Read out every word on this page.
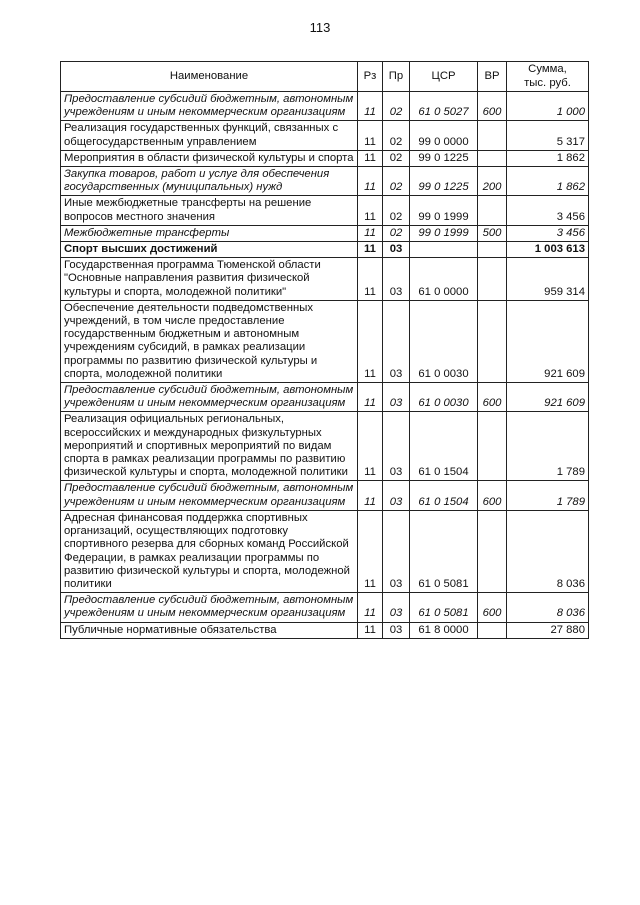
113
Наименование	Рз	Пр	ЦСР	ВР	Сумма,
тыс. руб.
Предоставление субсидий бюджетным, автономным учреждениям и иным некоммерческим организациям	11	02	61 0 5027	600	1 000
Реализация государственных функций, связанных с общегосударственным управлением	11	02	99 0 0000		5 317
Мероприятия в области физической культуры и спорта	11	02	99 0 1225		1 862
Закупка товаров, работ и услуг для обеспечения государственных (муниципальных) нужд	11	02	99 0 1225	200	1 862
Иные межбюджетные трансферты на решение вопросов местного значения	11	02	99 0 1999		3 456
Межбюджетные трансферты	11	02	99 0 1999	500	3 456
Спорт высших достижений	11	03			1 003 613
Государственная программа Тюменской области "Основные направления развития физической культуры и спорта, молодежной политики"	11	03	61 0 0000		959 314
Обеспечение деятельности подведомственных учреждений, в том числе предоставление государственным бюджетным и автономным учреждениям субсидий, в рамках реализации программы по развитию физической культуры и спорта, молодежной политики	11	03	61 0 0030		921 609
Предоставление субсидий бюджетным, автономным учреждениям и иным некоммерческим организациям	11	03	61 0 0030	600	921 609
Реализация официальных региональных, всероссийских и международных физкультурных мероприятий и спортивных мероприятий по видам спорта в рамках реализации программы по развитию физической культуры и спорта, молодежной политики	11	03	61 0 1504		1 789
Предоставление субсидий бюджетным, автономным учреждениям и иным некоммерческим организациям	11	03	61 0 1504	600	1 789
Адресная финансовая поддержка спортивных организаций, осуществляющих подготовку спортивного резерва для сборных команд Российской Федерации, в рамках реализации программы по развитию физической культуры и спорта, молодежной политики	11	03	61 0 5081		8 036
Предоставление субсидий бюджетным, автономным учреждениям и иным некоммерческим организациям	11	03	61 0 5081	600	8 036
Публичные нормативные обязательства	11	03	61 8 0000		27 880
